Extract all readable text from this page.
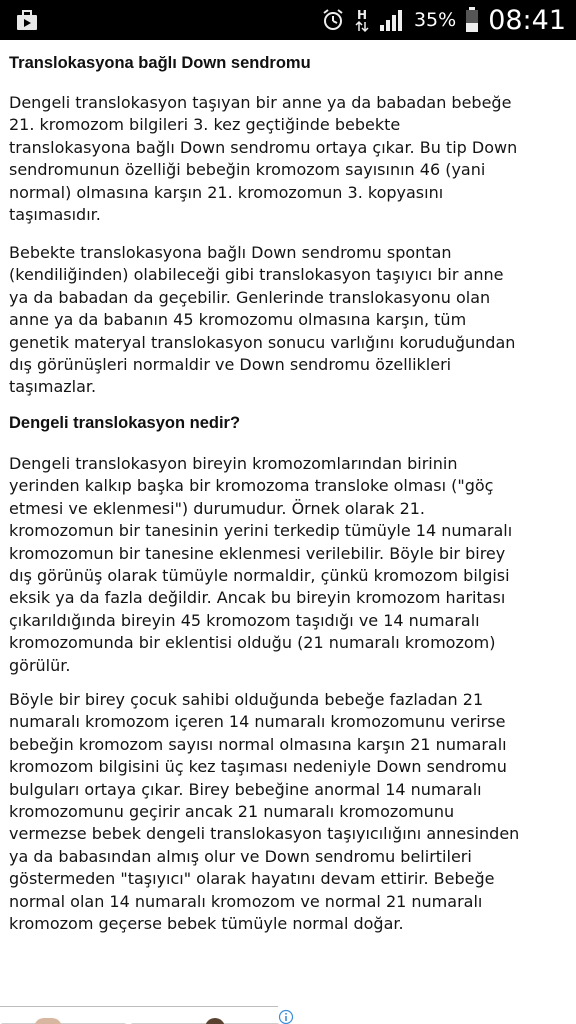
H 35% 08:41
Translokasyona bağlı Down sendromu
Dengeli translokasyon taşıyan bir anne ya da babadan bebeğe
21. kromozom bilgileri 3. kez geçtiğinde bebekte
translokasyona bağlı Down sendromu ortaya çıkar. Bu tip Down
sendromunun özelliği bebeğin kromozom sayısının 46 (yani
normal) olmasına karşın 21. kromozomun 3. kopyasını
taşımasıdır.
Bebekte translokasyona bağlı Down sendromu spontan
(kendiliğinden) olabileceği gibi translokasyon taşıyıcı bir anne
ya da babadan da geçebilir. Genlerinde translokasyonu olan
anne ya da babanın 45 kromozomu olmasına karşın, tüm
genetik materyal translokasyon sonucu varlığını koruduğundan
dış görünüşleri normaldir ve Down sendromu özellikleri
taşımazlar.
Dengeli translokasyon nedir?
Dengeli translokasyon bireyin kromozomlarından birinin
yerinden kalkıp başka bir kromozoma transloke olması ("göç
etmesi ve eklenmesi") durumudur. Örnek olarak 21.
kromozomun bir tanesinin yerini terkedip tümüyle 14 numaralı
kromozomun bir tanesine eklenmesi verilebilir. Böyle bir birey
dış görünüş olarak tümüyle normaldir, çünkü kromozom bilgisi
eksik ya da fazla değildir. Ancak bu bireyin kromozom haritası
çıkarıldığında bireyin 45 kromozom taşıdığı ve 14 numaralı
kromozomunda bir eklentisi olduğu (21 numaralı kromozom)
görülür.
Böyle bir birey çocuk sahibi olduğunda bebeğe fazladan 21
numaralı kromozom içeren 14 numaralı kromozomunu verirse
bebeğin kromozom sayısı normal olmasına karşın 21 numaralı
kromozom bilgisini üç kez taşıması nedeniyle Down sendromu
bulguları ortaya çıkar. Birey bebeğine anormal 14 numaralı
kromozomunu geçirir ancak 21 numaralı kromozomunu
vermezse bebek dengeli translokasyon taşıyıcılığını annesinden
ya da babasından almış olur ve Down sendromu belirtileri
göstermeden "taşıyıcı" olarak hayatını devam ettirir. Bebeğe
normal olan 14 numaralı kromozom ve normal 21 numaralı
kromozom geçerse bebek tümüyle normal doğar.
